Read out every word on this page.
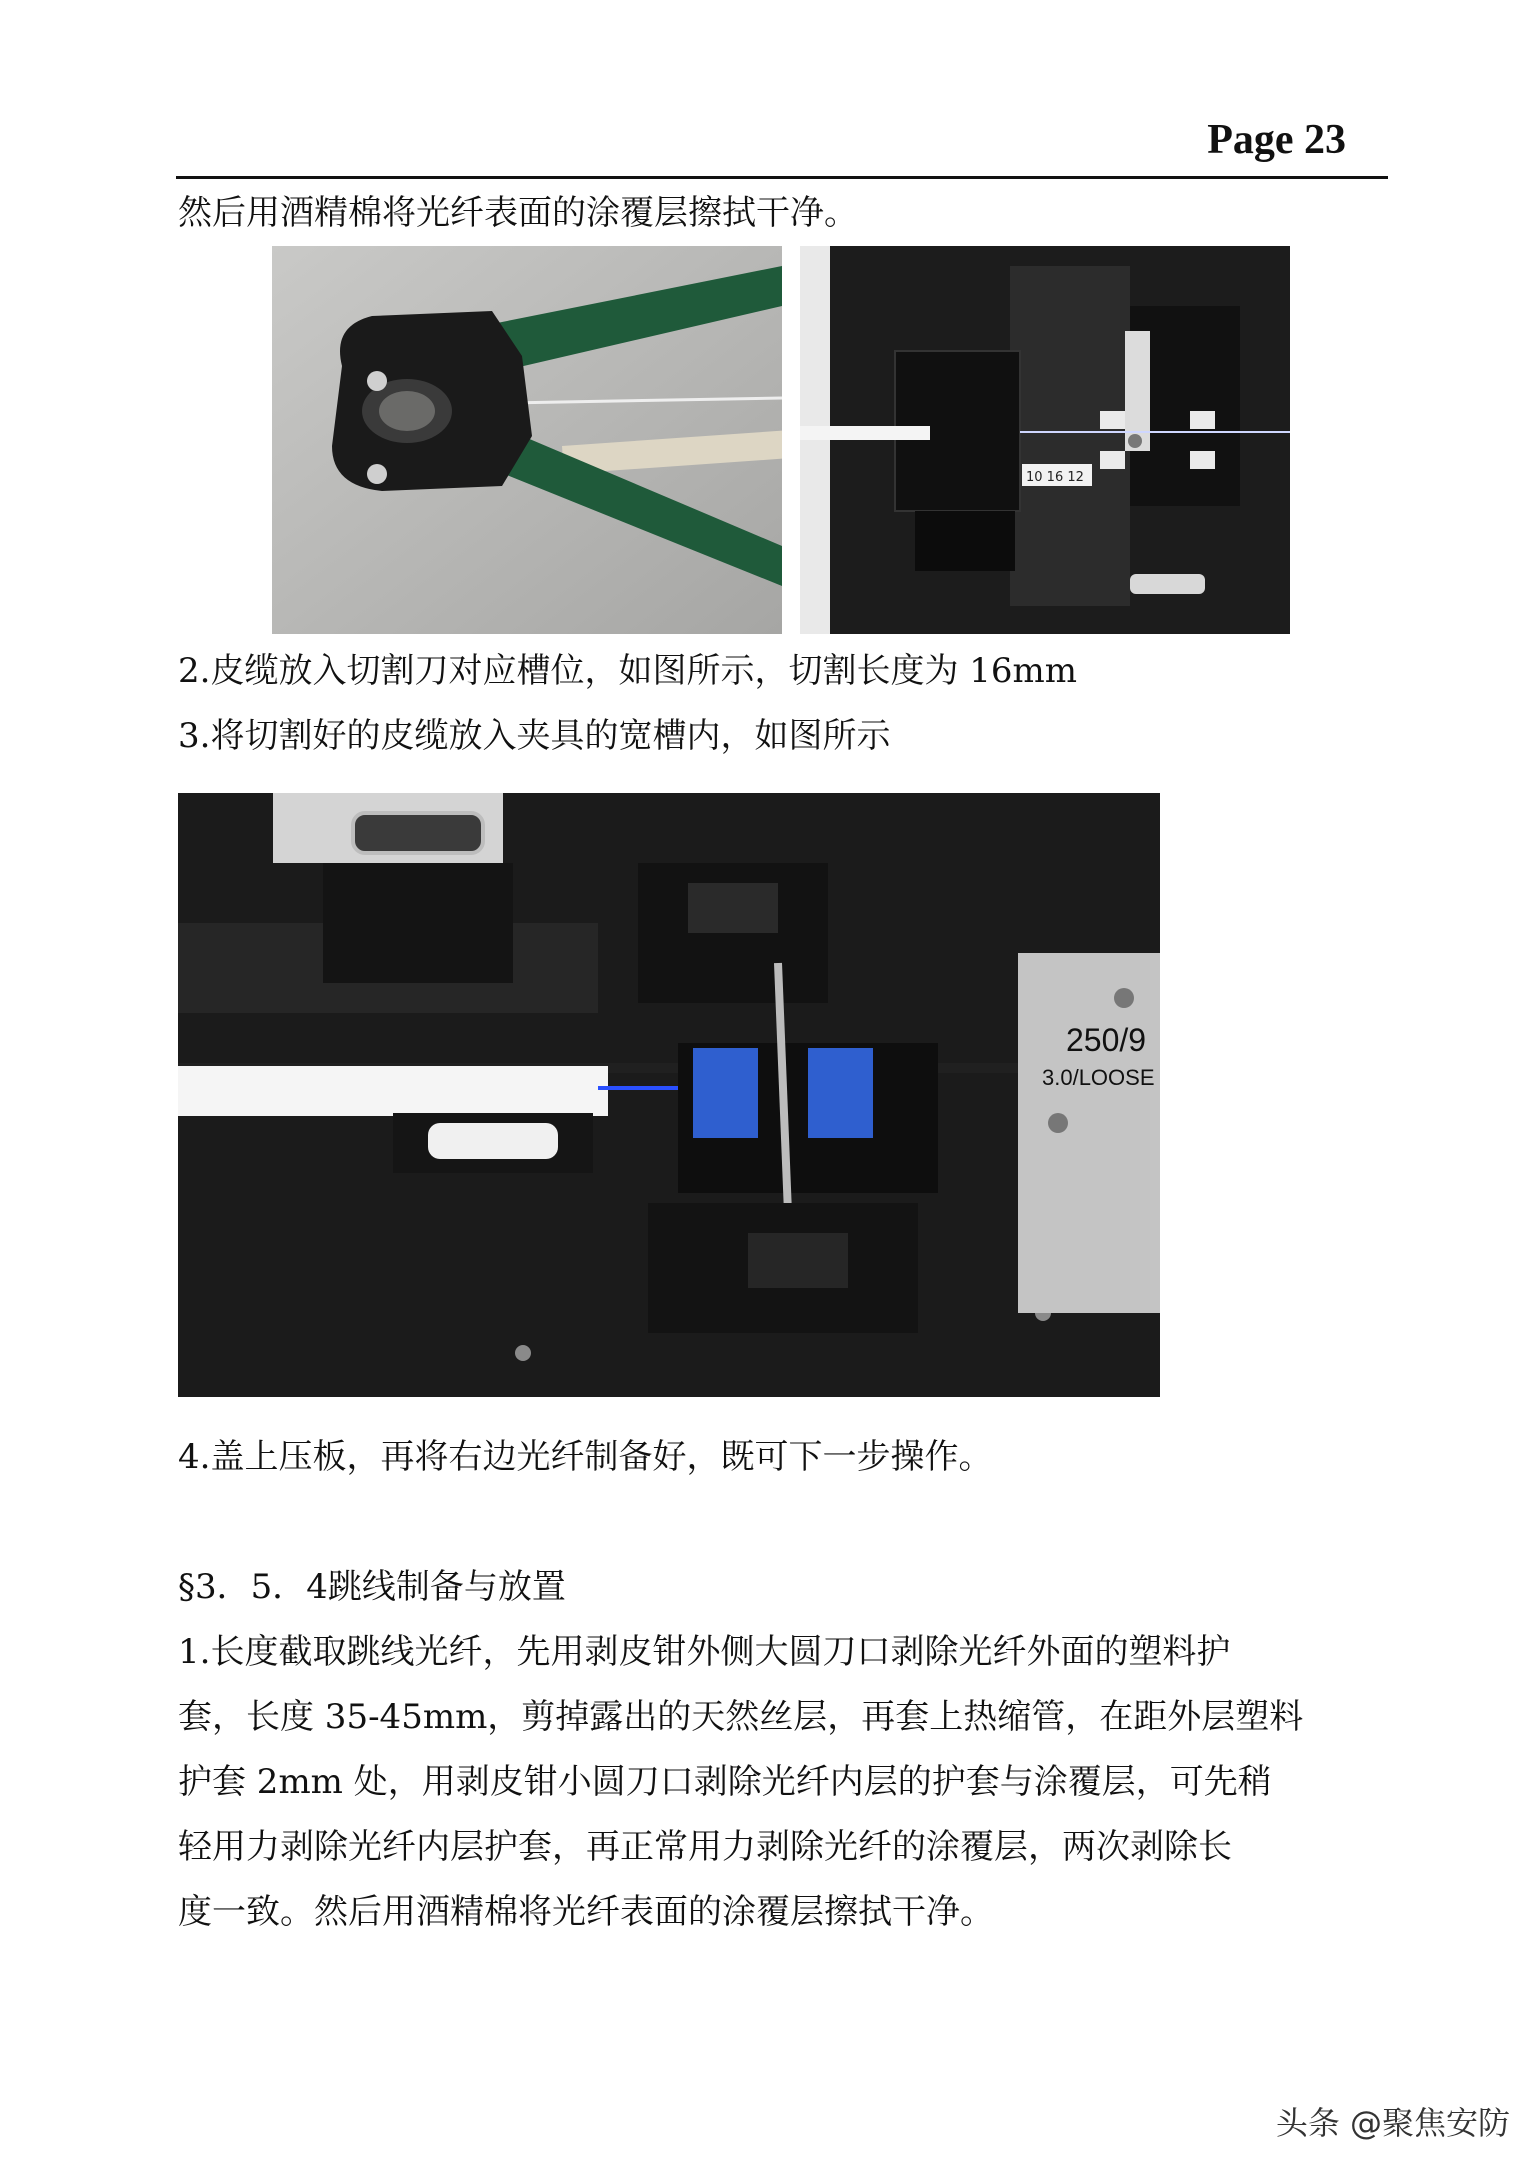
Page 23
然后用酒精棉将光纤表面的涂覆层擦拭干净。
10 16 12
2.皮缆放入切割刀对应槽位，如图所示，切割长度为 16mm
3.将切割好的皮缆放入夹具的宽槽内，如图所示
250/9
3.0/LOOSE
4.盖上压板，再将右边光纤制备好，既可下一步操作。
§3．5．4跳线制备与放置
1.长度截取跳线光纤，先用剥皮钳外侧大圆刀口剥除光纤外面的塑料护
套，长度 35-45mm，剪掉露出的天然丝层，再套上热缩管，在距外层塑料
护套 2mm 处，用剥皮钳小圆刀口剥除光纤内层的护套与涂覆层，可先稍
轻用力剥除光纤内层护套，再正常用力剥除光纤的涂覆层，两次剥除长
度一致。然后用酒精棉将光纤表面的涂覆层擦拭干净。
头条 @聚焦安防
